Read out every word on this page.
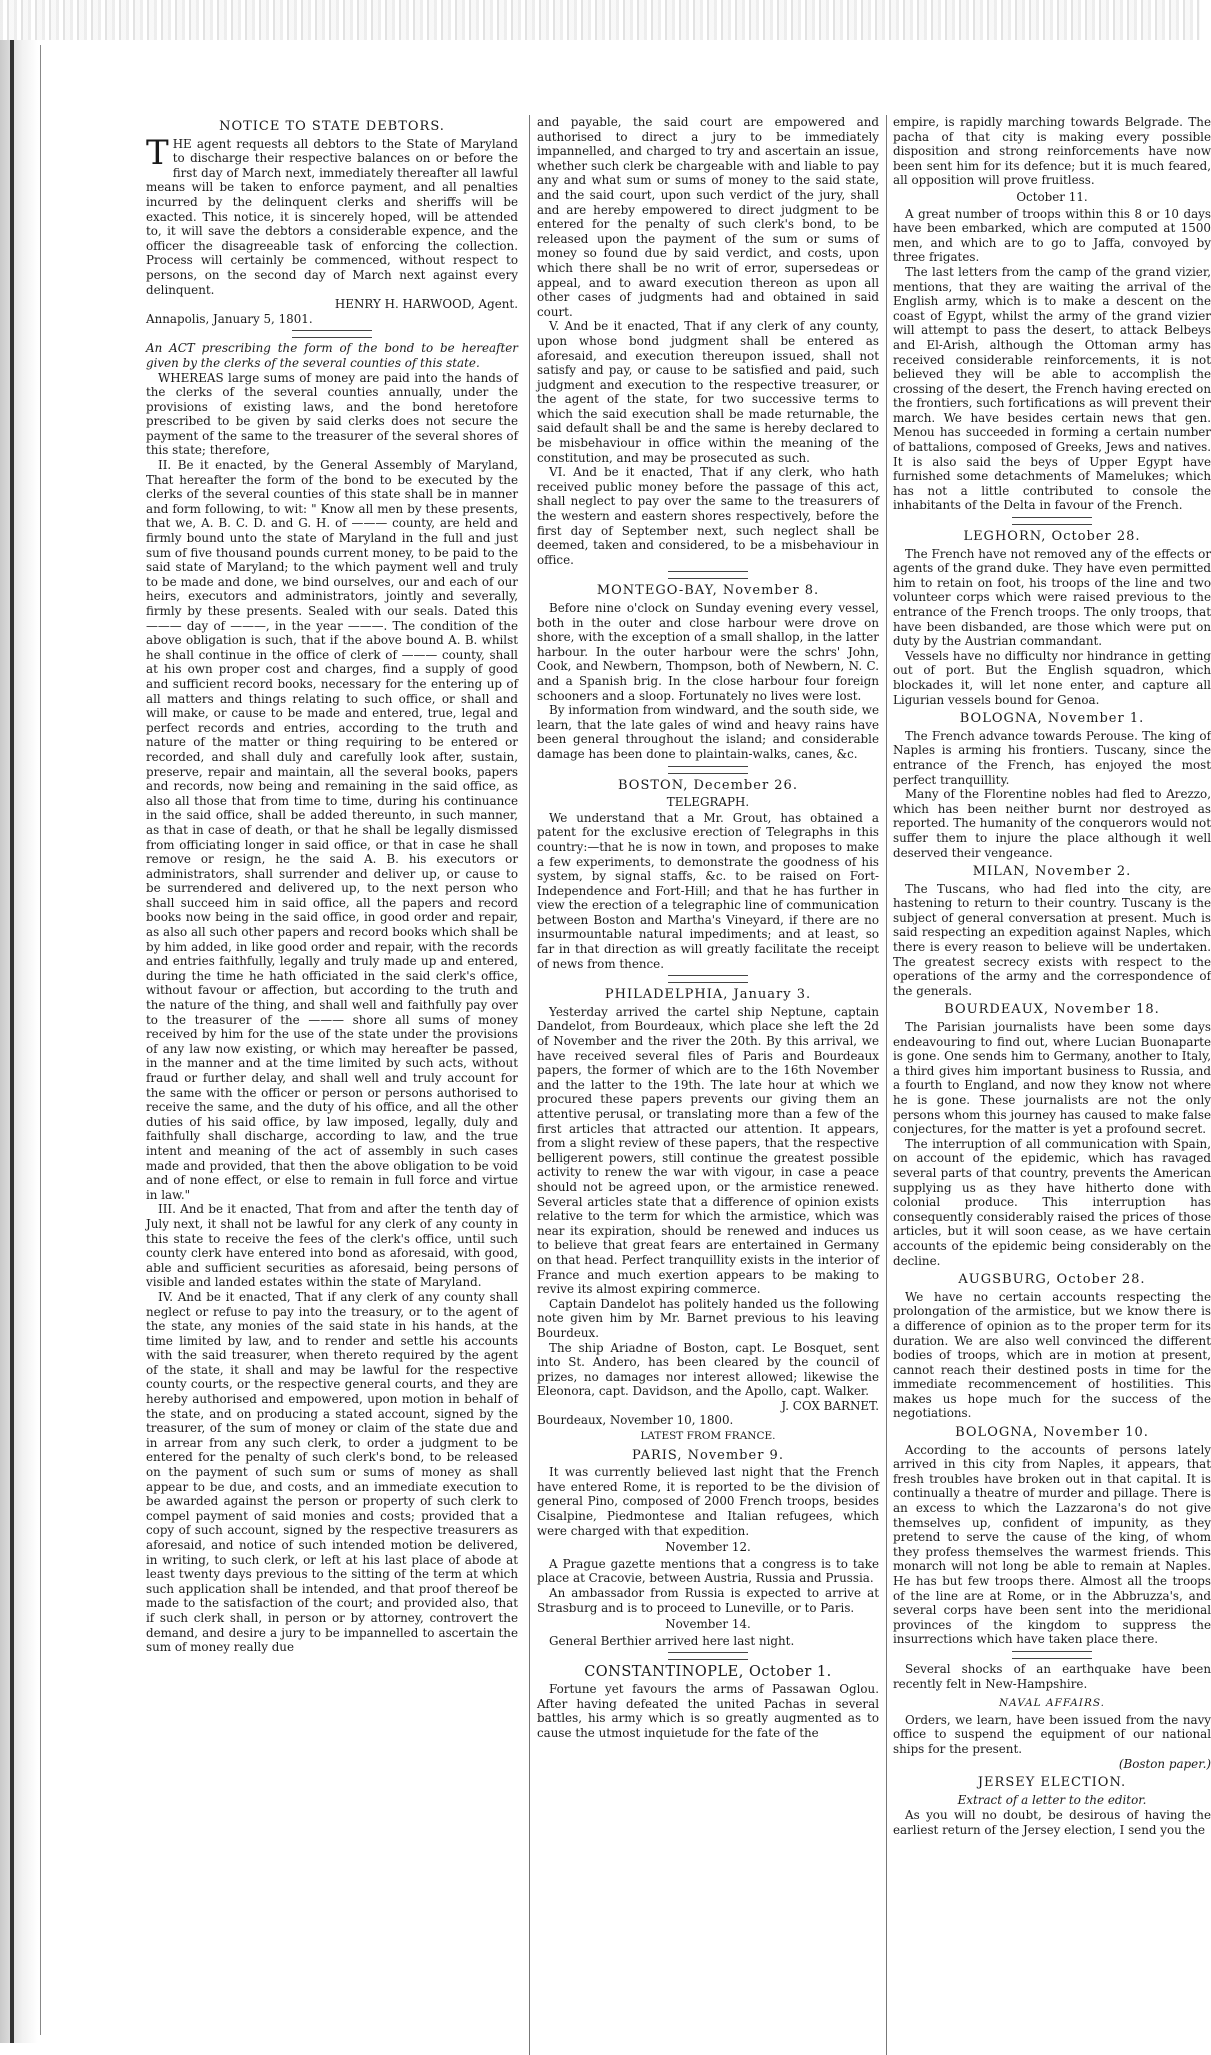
NOTICE TO STATE DEBTORS.

THE agent requests all debtors to the State of Maryland to discharge their respective balances on or before the first day of March next, immediately thereafter all lawful means will be taken to enforce payment, and all penalties incurred by the delinquent clerks and sheriffs will be exacted. This notice, it is sincerely hoped, will be attended to, it will save the debtors a considerable expence, and the officer the disagreeable task of enforcing the collection. Process will certainly be commenced, without respect to persons, on the second day of March next against every delinquent.

HENRY H. HARWOOD, Agent.

Annapolis, January 5, 1801.

An ACT prescribing the form of the bond to be hereafter given by the clerks of the several counties of this state.

WHEREAS large sums of money are paid into the hands of the clerks of the several counties annually, under the provisions of existing laws, and the bond heretofore prescribed to be given by said clerks does not secure the payment of the same to the treasurer of the several shores of this state; therefore,

II. Be it enacted, by the General Assembly of Maryland, That hereafter the form of the bond to be executed by the clerks of the several counties of this state shall be in manner and form following, to wit: " Know all men by these presents, that we, A. B. C. D. and G. H. of ——— county, are held and firmly bound unto the state of Maryland in the full and just sum of five thousand pounds current money, to be paid to the said state of Maryland; to the which payment well and truly to be made and done, we bind ourselves, our and each of our heirs, executors and administrators, jointly and severally, firmly by these presents. Sealed with our seals. Dated this ——— day of ———, in the year ———. The condition of the above obligation is such, that if the above bound A. B. whilst he shall continue in the office of clerk of ——— county, shall at his own proper cost and charges, find a supply of good and sufficient record books, necessary for the entering up of all matters and things relating to such office, or shall and will make, or cause to be made and entered, true, legal and perfect records and entries, according to the truth and nature of the matter or thing requiring to be entered or recorded, and shall duly and carefully look after, sustain, preserve, repair and maintain, all the several books, papers and records, now being and remaining in the said office, as also all those that from time to time, during his continuance in the said office, shall be added thereunto, in such manner, as that in case of death, or that he shall be legally dismissed from officiating longer in said office, or that in case he shall remove or resign, he the said A. B. his executors or administrators, shall surrender and deliver up, or cause to be surrendered and delivered up, to the next person who shall succeed him in said office, all the papers and record books now being in the said office, in good order and repair, as also all such other papers and record books which shall be by him added, in like good order and repair, with the records and entries faithfully, legally and truly made up and entered, during the time he hath officiated in the said clerk's office, without favour or affection, but according to the truth and the nature of the thing, and shall well and faithfully pay over to the treasurer of the ——— shore all sums of money received by him for the use of the state under the provisions of any law now existing, or which may hereafter be passed, in the manner and at the time limited by such acts, without fraud or further delay, and shall well and truly account for the same with the officer or person or persons authorised to receive the same, and the duty of his office, and all the other duties of his said office, by law imposed, legally, duly and faithfully shall discharge, according to law, and the true intent and meaning of the act of assembly in such cases made and provided, that then the above obligation to be void and of none effect, or else to remain in full force and virtue in law."

III. And be it enacted, That from and after the tenth day of July next, it shall not be lawful for any clerk of any county in this state to receive the fees of the clerk's office, until such county clerk have entered into bond as aforesaid, with good, able and sufficient securities as aforesaid, being persons of visible and landed estates within the state of Maryland.

IV. And be it enacted, That if any clerk of any county shall neglect or refuse to pay into the treasury, or to the agent of the state, any monies of the said state in his hands, at the time limited by law, and to render and settle his accounts with the said treasurer, when thereto required by the agent of the state, it shall and may be lawful for the respective county courts, or the respective general courts, and they are hereby authorised and empowered, upon motion in behalf of the state, and on producing a stated account, signed by the treasurer, of the sum of money or claim of the state due and in arrear from any such clerk, to order a judgment to be entered for the penalty of such clerk's bond, to be released on the payment of such sum or sums of money as shall appear to be due, and costs, and an immediate execution to be awarded against the person or property of such clerk to compel payment of said monies and costs; provided that a copy of such account, signed by the respective treasurers as aforesaid, and notice of such intended motion be delivered, in writing, to such clerk, or left at his last place of abode at least twenty days previous to the sitting of the term at which such application shall be intended, and that proof thereof be made to the satisfaction of the court; and provided also, that if such clerk shall, in person or by attorney, controvert the demand, and desire a jury to be impannelled to ascertain the sum of money really due

and payable, the said court are empowered and authorised to direct a jury to be immediately impannelled, and charged to try and ascertain an issue, whether such clerk be chargeable with and liable to pay any and what sum or sums of money to the said state, and the said court, upon such verdict of the jury, shall and are hereby empowered to direct judgment to be entered for the penalty of such clerk's bond, to be released upon the payment of the sum or sums of money so found due by said verdict, and costs, upon which there shall be no writ of error, supersedeas or appeal, and to award execution thereon as upon all other cases of judgments had and obtained in said court.

V. And be it enacted, That if any clerk of any county, upon whose bond judgment shall be entered as aforesaid, and execution thereupon issued, shall not satisfy and pay, or cause to be satisfied and paid, such judgment and execution to the respective treasurer, or the agent of the state, for two successive terms to which the said execution shall be made returnable, the said default shall be and the same is hereby declared to be misbehaviour in office within the meaning of the constitution, and may be prosecuted as such.

VI. And be it enacted, That if any clerk, who hath received public money before the passage of this act, shall neglect to pay over the same to the treasurers of the western and eastern shores respectively, before the first day of September next, such neglect shall be deemed, taken and considered, to be a misbehaviour in office.

MONTEGO-BAY, November 8.

Before nine o'clock on Sunday evening every vessel, both in the outer and close harbour were drove on shore, with the exception of a small shallop, in the latter harbour. In the outer harbour were the schrs' John, Cook, and Newbern, Thompson, both of Newbern, N. C. and a Spanish brig. In the close harbour four foreign schooners and a sloop. Fortunately no lives were lost.

By information from windward, and the south side, we learn, that the late gales of wind and heavy rains have been general throughout the island; and considerable damage has been done to plaintain-walks, canes, &c.

BOSTON, December 26.
TELEGRAPH.

We understand that a Mr. Grout, has obtained a patent for the exclusive erection of Telegraphs in this country:—that he is now in town, and proposes to make a few experiments, to demonstrate the goodness of his system, by signal staffs, &c. to be raised on Fort-Independence and Fort-Hill; and that he has further in view the erection of a telegraphic line of communication between Boston and Martha's Vineyard, if there are no insurmountable natural impediments; and at least, so far in that direction as will greatly facilitate the receipt of news from thence.

PHILADELPHIA, January 3.

Yesterday arrived the cartel ship Neptune, captain Dandelot, from Bourdeaux, which place she left the 2d of November and the river the 20th. By this arrival, we have received several files of Paris and Bourdeaux papers, the former of which are to the 16th November and the latter to the 19th. The late hour at which we procured these papers prevents our giving them an attentive perusal, or translating more than a few of the first articles that attracted our attention. It appears, from a slight review of these papers, that the respective belligerent powers, still continue the greatest possible activity to renew the war with vigour, in case a peace should not be agreed upon, or the armistice renewed. Several articles state that a difference of opinion exists relative to the term for which the armistice, which was near its expiration, should be renewed and induces us to believe that great fears are entertained in Germany on that head. Perfect tranquillity exists in the interior of France and much exertion appears to be making to revive its almost expiring commerce.

Captain Dandelot has politely handed us the following note given him by Mr. Barnet previous to his leaving Bourdeux.

The ship Ariadne of Boston, capt. Le Bosquet, sent into St. Andero, has been cleared by the council of prizes, no damages nor interest allowed; likewise the Eleonora, capt. Davidson, and the Apollo, capt. Walker.

J. COX BARNET.

Bourdeaux, November 10, 1800.

LATEST FROM FRANCE.
PARIS, November 9.

It was currently believed last night that the French have entered Rome, it is reported to be the division of general Pino, composed of 2000 French troops, besides Cisalpine, Piedmontese and Italian refugees, which were charged with that expedition.

November 12.

A Prague gazette mentions that a congress is to take place at Cracovie, between Austria, Russia and Prussia.

An ambassador from Russia is expected to arrive at Strasburg and is to proceed to Luneville, or to Paris.

November 14.

General Berthier arrived here last night.

CONSTANTINOPLE, October 1.

Fortune yet favours the arms of Passawan Oglou. After having defeated the united Pachas in several battles, his army which is so greatly augmented as to cause the utmost inquietude for the fate of the

empire, is rapidly marching towards Belgrade. The pacha of that city is making every possible disposition and strong reinforcements have now been sent him for its defence; but it is much feared, all opposition will prove fruitless.

October 11.

A great number of troops within this 8 or 10 days have been embarked, which are computed at 1500 men, and which are to go to Jaffa, convoyed by three frigates.

The last letters from the camp of the grand vizier, mentions, that they are waiting the arrival of the English army, which is to make a descent on the coast of Egypt, whilst the army of the grand vizier will attempt to pass the desert, to attack Belbeys and El-Arish, although the Ottoman army has received considerable reinforcements, it is not believed they will be able to accomplish the crossing of the desert, the French having erected on the frontiers, such fortifications as will prevent their march. We have besides certain news that gen. Menou has succeeded in forming a certain number of battalions, composed of Greeks, Jews and natives. It is also said the beys of Upper Egypt have furnished some detachments of Mamelukes; which has not a little contributed to console the inhabitants of the Delta in favour of the French.

LEGHORN, October 28.

The French have not removed any of the effects or agents of the grand duke. They have even permitted him to retain on foot, his troops of the line and two volunteer corps which were raised previous to the entrance of the French troops. The only troops, that have been disbanded, are those which were put on duty by the Austrian commandant.

Vessels have no difficulty nor hindrance in getting out of port. But the English squadron, which blockades it, will let none enter, and capture all Ligurian vessels bound for Genoa.

BOLOGNA, November 1.

The French advance towards Perouse. The king of Naples is arming his frontiers. Tuscany, since the entrance of the French, has enjoyed the most perfect tranquillity.

Many of the Florentine nobles had fled to Arezzo, which has been neither burnt nor destroyed as reported. The humanity of the conquerors would not suffer them to injure the place although it well deserved their vengeance.

MILAN, November 2.

The Tuscans, who had fled into the city, are hastening to return to their country. Tuscany is the subject of general conversation at present. Much is said respecting an expedition against Naples, which there is every reason to believe will be undertaken. The greatest secrecy exists with respect to the operations of the army and the correspondence of the generals.

BOURDEAUX, November 18.

The Parisian journalists have been some days endeavouring to find out, where Lucian Buonaparte is gone. One sends him to Germany, another to Italy, a third gives him important business to Russia, and a fourth to England, and now they know not where he is gone. These journalists are not the only persons whom this journey has caused to make false conjectures, for the matter is yet a profound secret.

The interruption of all communication with Spain, on account of the epidemic, which has ravaged several parts of that country, prevents the American supplying us as they have hitherto done with colonial produce. This interruption has consequently considerably raised the prices of those articles, but it will soon cease, as we have certain accounts of the epidemic being considerably on the decline.

AUGSBURG, October 28.

We have no certain accounts respecting the prolongation of the armistice, but we know there is a difference of opinion as to the proper term for its duration. We are also well convinced the different bodies of troops, which are in motion at present, cannot reach their destined posts in time for the immediate recommencement of hostilities. This makes us hope much for the success of the negotiations.

BOLOGNA, November 10.

According to the accounts of persons lately arrived in this city from Naples, it appears, that fresh troubles have broken out in that capital. It is continually a theatre of murder and pillage. There is an excess to which the Lazzarona's do not give themselves up, confident of impunity, as they pretend to serve the cause of the king, of whom they profess themselves the warmest friends. This monarch will not long be able to remain at Naples. He has but few troops there. Almost all the troops of the line are at Rome, or in the Abbruzza's, and several corps have been sent into the meridional provinces of the kingdom to suppress the insurrections which have taken place there.

Several shocks of an earthquake have been recently felt in New-Hampshire.

NAVAL AFFAIRS.

Orders, we learn, have been issued from the navy office to suspend the equipment of our national ships for the present.

(Boston paper.)

JERSEY ELECTION.
Extract of a letter to the editor.

As you will no doubt, be desirous of having the earliest return of the Jersey election, I send you the
